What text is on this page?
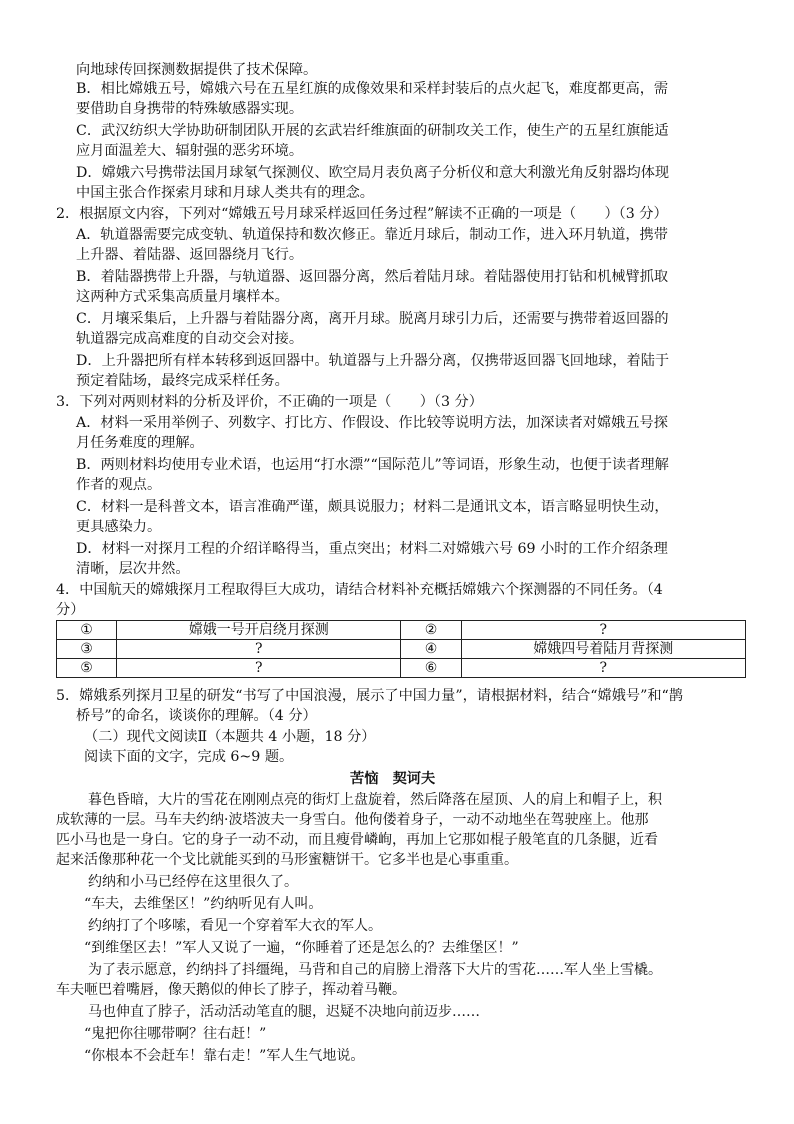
向地球传回探测数据提供了技术保障。
B．相比嫦娥五号，嫦娥六号在五星红旗的成像效果和采样封装后的点火起飞，难度都更高，需
要借助自身携带的特殊敏感器实现。
C．武汉纺织大学协助研制团队开展的玄武岩纤维旗面的研制攻关工作，使生产的五星红旗能适
应月面温差大、辐射强的恶劣环境。
D．嫦娥六号携带法国月球氡气探测仪、欧空局月表负离子分析仪和意大利激光角反射器均体现
中国主张合作探索月球和月球人类共有的理念。
2．根据原文内容，下列对“嫦娥五号月球采样返回任务过程”解读不正确的一项是（　　）（3 分）
A．轨道器需要完成变轨、轨道保持和数次修正。靠近月球后，制动工作，进入环月轨道，携带
上升器、着陆器、返回器绕月飞行。
B．着陆器携带上升器，与轨道器、返回器分离，然后着陆月球。着陆器使用打钻和机械臂抓取
这两种方式采集高质量月壤样本。
C．月壤采集后，上升器与着陆器分离，离开月球。脱离月球引力后，还需要与携带着返回器的
轨道器完成高难度的自动交会对接。
D．上升器把所有样本转移到返回器中。轨道器与上升器分离，仅携带返回器飞回地球，着陆于
预定着陆场，最终完成采样任务。
3．下列对两则材料的分析及评价，不正确的一项是（　　）（3 分）
A．材料一采用举例子、列数字、打比方、作假设、作比较等说明方法，加深读者对嫦娥五号探
月任务难度的理解。
B．两则材料均使用专业术语，也运用“打水漂”“国际范儿”等词语，形象生动，也便于读者理解
作者的观点。
C．材料一是科普文本，语言准确严谨，颇具说服力；材料二是通讯文本，语言略显明快生动，
更具感染力。
D．材料一对探月工程的介绍详略得当，重点突出；材料二对嫦娥六号 69 小时的工作介绍条理
清晰，层次井然。
4．中国航天的嫦娥探月工程取得巨大成功，请结合材料补充概括嫦娥六个探测器的不同任务。（4
分）
①	嫦娥一号开启绕月探测	②	?
③	?	④	嫦娥四号着陆月背探测
⑤	?	⑥	?
5．嫦娥系列探月卫星的研发“书写了中国浪漫，展示了中国力量”，请根据材料，结合“嫦娥号”和“鹊
桥号”的命名，谈谈你的理解。（4 分）
（二）现代文阅读Ⅱ（本题共 4 小题，18 分）
阅读下面的文字，完成 6~9 题。
苦恼　契诃夫
暮色昏暗，大片的雪花在刚刚点亮的街灯上盘旋着，然后降落在屋顶、人的肩上和帽子上，积
成软薄的一层。马车夫约纳·波塔波夫一身雪白。他佝偻着身子，一动不动地坐在驾驶座上。他那
匹小马也是一身白。它的身子一动不动，而且瘦骨嶙峋，再加上它那如棍子般笔直的几条腿，近看
起来活像那种花一个戈比就能买到的马形蜜糖饼干。它多半也是心事重重。
约纳和小马已经停在这里很久了。
“车夫，去维堡区！”约纳听见有人叫。
约纳打了个哆嗦，看见一个穿着军大衣的军人。
“到维堡区去！”军人又说了一遍，“你睡着了还是怎么的？去维堡区！”
为了表示愿意，约纳抖了抖缰绳，马背和自己的肩膀上滑落下大片的雪花……军人坐上雪橇。
车夫咂巴着嘴唇，像天鹅似的伸长了脖子，挥动着马鞭。
马也伸直了脖子，活动活动笔直的腿，迟疑不决地向前迈步……
“鬼把你往哪带啊？往右赶！”
“你根本不会赶车！靠右走！”军人生气地说。
